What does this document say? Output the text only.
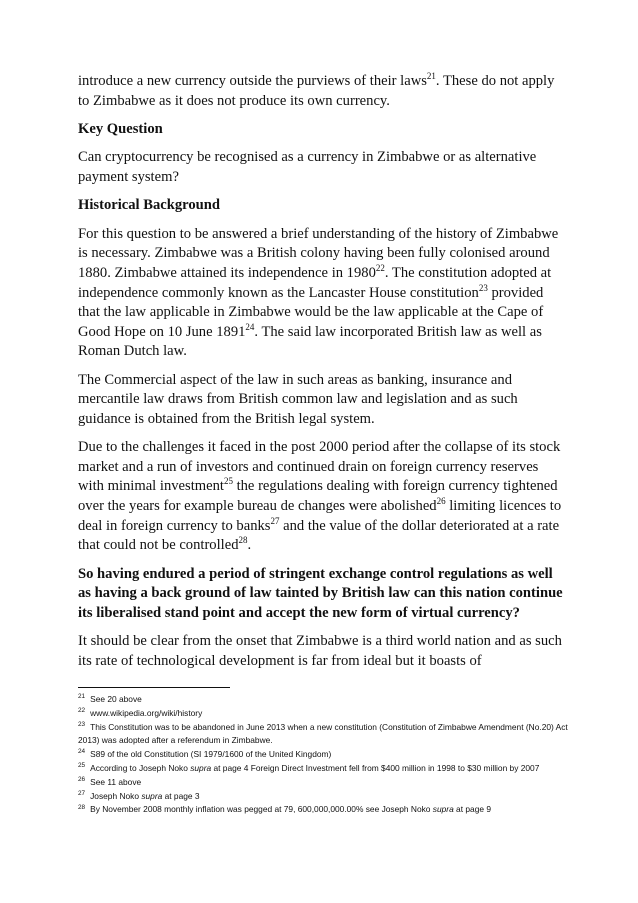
introduce a new currency outside the purviews of their laws$^{21}$. These do not apply to Zimbabwe as it does not produce its own currency.

Key Question

Can cryptocurrency be recognised as a currency in Zimbabwe or as alternative payment system?

Historical Background

For this question to be answered a brief understanding of the history of Zimbabwe is necessary. Zimbabwe was a British colony having been fully colonised around 1880. Zimbabwe attained its independence in 1980$^{22}$. The constitution adopted at independence commonly known as the Lancaster House constitution$^{23}$ provided that the law applicable in Zimbabwe would be the law applicable at the Cape of Good Hope on 10 June 1891$^{24}$. The said law incorporated British law as well as Roman Dutch law.

The Commercial aspect of the law in such areas as banking, insurance and mercantile law draws from British common law and legislation and as such guidance is obtained from the British legal system.

Due to the challenges it faced in the post 2000 period after the collapse of its stock market and a run of investors and continued drain on foreign currency reserves with minimal investment$^{25}$ the regulations dealing with foreign currency tightened over the years for example bureau de changes were abolished$^{26}$ limiting licences to deal in foreign currency to banks$^{27}$ and the value of the dollar deteriorated at a rate that could not be controlled$^{28}$.

So having endured a period of stringent exchange control regulations as well as having a back ground of law tainted by British law can this nation continue its liberalised stand point and accept the new form of virtual currency?

It should be clear from the onset that Zimbabwe is a third world nation and as such its rate of technological development is far from ideal but it boasts of

$^{21}$ See 20 above
$^{22}$ www.wikipedia.org/wiki/history
$^{23}$ This Constitution was to be abandoned in June 2013 when a new constitution (Constitution of Zimbabwe Amendment (No.20) Act 2013) was adopted after a referendum in Zimbabwe.
$^{24}$ S89 of the old Constitution (SI 1979/1600 of the United Kingdom)
$^{25}$ According to Joseph Noko supra at page 4 Foreign Direct Investment fell from $400 million in 1998 to $30 million by 2007
$^{26}$ See 11 above
$^{27}$ Joseph Noko supra at page 3
$^{28}$ By November 2008 monthly inflation was pegged at 79, 600,000,000.00% see Joseph Noko supra at page 9
